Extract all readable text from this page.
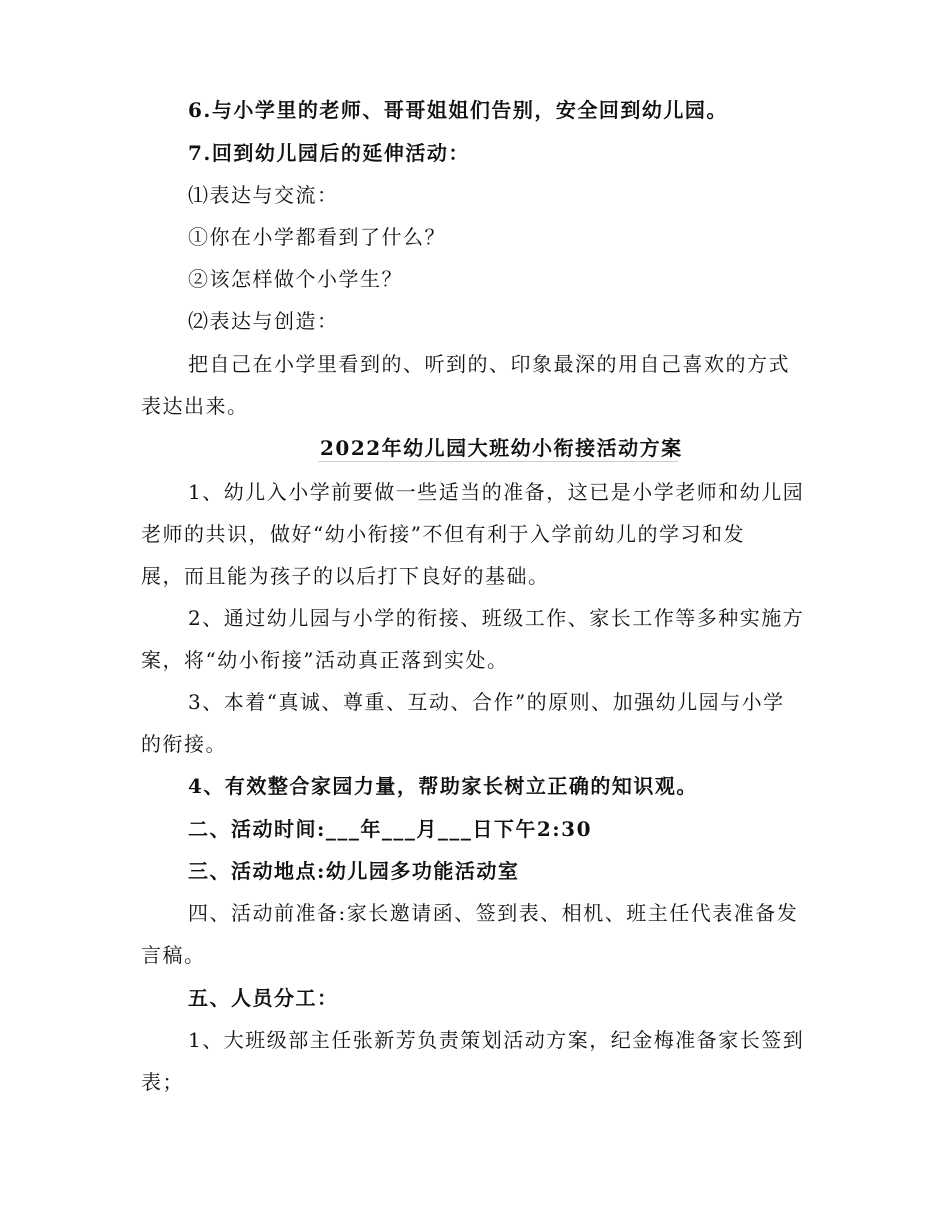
6.与小学里的老师、哥哥姐姐们告别，安全回到幼儿园。
7.回到幼儿园后的延伸活动：
⑴表达与交流：
①你在小学都看到了什么？
②该怎样做个小学生？
⑵表达与创造：
把自己在小学里看到的、听到的、印象最深的用自己喜欢的方式
表达出来。
2022年幼儿园大班幼小衔接活动方案
1、幼儿入小学前要做一些适当的准备，这已是小学老师和幼儿园
老师的共识，做好“幼小衔接”不但有利于入学前幼儿的学习和发
展，而且能为孩子的以后打下良好的基础。
2、通过幼儿园与小学的衔接、班级工作、家长工作等多种实施方
案，将“幼小衔接”活动真正落到实处。
3、本着“真诚、尊重、互动、合作”的原则、加强幼儿园与小学
的衔接。
4、有效整合家园力量，帮助家长树立正确的知识观。
二、活动时间:___年___月___日下午2:30
三、活动地点:幼儿园多功能活动室
四、活动前准备:家长邀请函、签到表、相机、班主任代表准备发
言稿。
五、人员分工：
1、大班级部主任张新芳负责策划活动方案，纪金梅准备家长签到
表；
